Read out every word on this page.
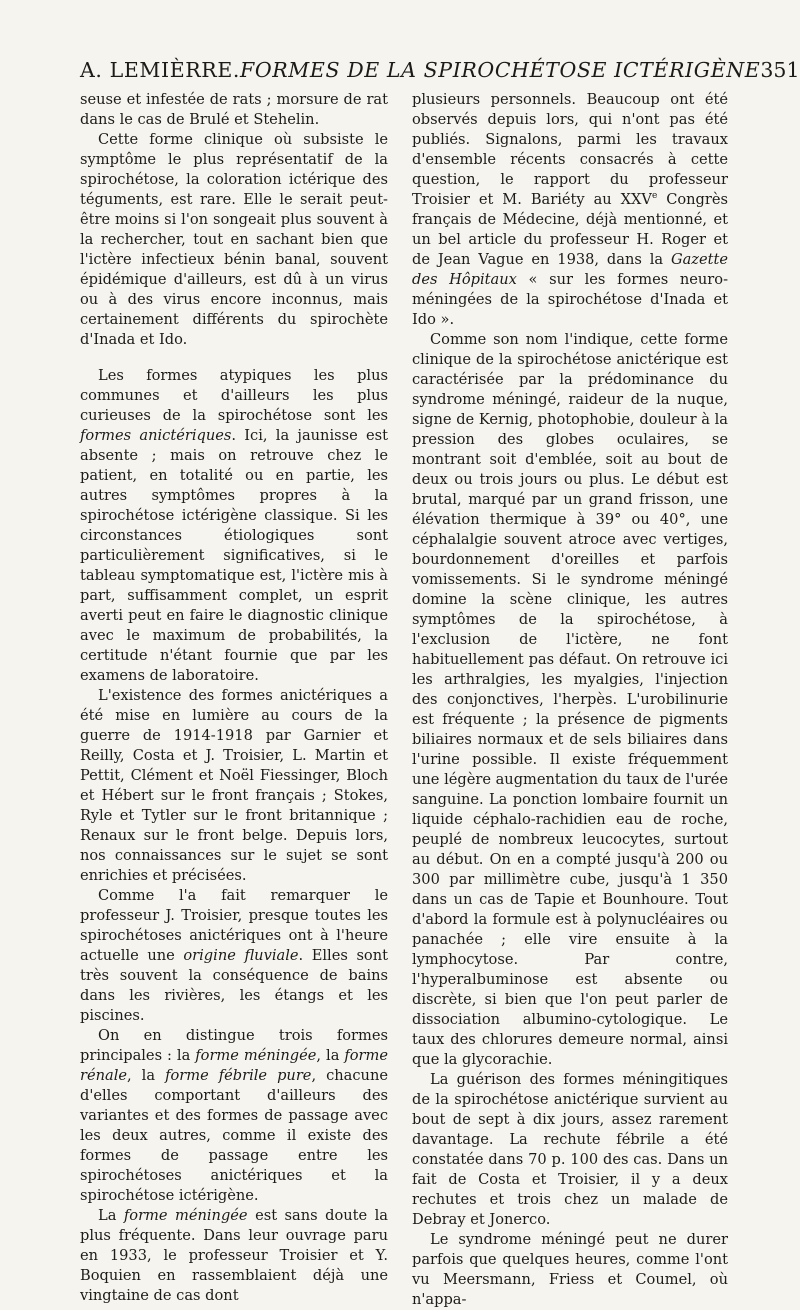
A. LEMIÈRRE. FORMES DE LA SPIROCHÉTOSE ICTÉRIGÈNE 351

seuse et infestée de rats ; morsure de rat dans le cas de Brulé et Stehelin.

Cette forme clinique où subsiste le symptôme le plus représentatif de la spirochétose, la coloration ictérique des téguments, est rare. Elle le serait peut-être moins si l'on songeait plus souvent à la rechercher, tout en sachant bien que l'ictère infectieux bénin banal, souvent épidémique d'ailleurs, est dû à un virus ou à des virus encore inconnus, mais certainement différents du spirochète d'Inada et Ido.

Les formes atypiques les plus communes et d'ailleurs les plus curieuses de la spirochétose sont les formes anictériques. Ici, la jaunisse est absente ; mais on retrouve chez le patient, en totalité ou en partie, les autres symptômes propres à la spirochétose ictérigène classique. Si les circonstances étiologiques sont particulièrement significatives, si le tableau symptomatique est, l'ictère mis à part, suffisamment complet, un esprit averti peut en faire le diagnostic clinique avec le maximum de probabilités, la certitude n'étant fournie que par les examens de laboratoire.

L'existence des formes anictériques a été mise en lumière au cours de la guerre de 1914-1918 par Garnier et Reilly, Costa et J. Troisier, L. Martin et Pettit, Clément et Noël Fiessinger, Bloch et Hébert sur le front français ; Stokes, Ryle et Tytler sur le front britannique ; Renaux sur le front belge. Depuis lors, nos connaissances sur le sujet se sont enrichies et précisées.

Comme l'a fait remarquer le professeur J. Troisier, presque toutes les spirochétoses anictériques ont à l'heure actuelle une origine fluviale. Elles sont très souvent la conséquence de bains dans les rivières, les étangs et les piscines.

On en distingue trois formes principales : la forme méningée, la forme rénale, la forme fébrile pure, chacune d'elles comportant d'ailleurs des variantes et des formes de passage avec les deux autres, comme il existe des formes de passage entre les spirochétoses anictériques et la spirochétose ictérigène.

La forme méningée est sans doute la plus fréquente. Dans leur ouvrage paru en 1933, le professeur Troisier et Y. Boquien en rassemblaient déjà une vingtaine de cas dont

plusieurs personnels. Beaucoup ont été observés depuis lors, qui n'ont pas été publiés. Signalons, parmi les travaux d'ensemble récents consacrés à cette question, le rapport du professeur Troisier et M. Bariéty au XXVe Congrès français de Médecine, déjà mentionné, et un bel article du professeur H. Roger et de Jean Vague en 1938, dans la Gazette des Hôpitaux « sur les formes neuro-méningées de la spirochétose d'Inada et Ido ».

Comme son nom l'indique, cette forme clinique de la spirochétose anictérique est caractérisée par la prédominance du syndrome méningé, raideur de la nuque, signe de Kernig, photophobie, douleur à la pression des globes oculaires, se montrant soit d'emblée, soit au bout de deux ou trois jours ou plus. Le début est brutal, marqué par un grand frisson, une élévation thermique à 39° ou 40°, une céphalalgie souvent atroce avec vertiges, bourdonnement d'oreilles et parfois vomissements. Si le syndrome méningé domine la scène clinique, les autres symptômes de la spirochétose, à l'exclusion de l'ictère, ne font habituellement pas défaut. On retrouve ici les arthralgies, les myalgies, l'injection des conjonctives, l'herpès. L'urobilinurie est fréquente ; la présence de pigments biliaires normaux et de sels biliaires dans l'urine possible. Il existe fréquemment une légère augmentation du taux de l'urée sanguine. La ponction lombaire fournit un liquide céphalo-rachidien eau de roche, peuplé de nombreux leucocytes, surtout au début. On en a compté jusqu'à 200 ou 300 par millimètre cube, jusqu'à 1 350 dans un cas de Tapie et Bounhoure. Tout d'abord la formule est à polynucléaires ou panachée ; elle vire ensuite à la lymphocytose. Par contre, l'hyperalbuminose est absente ou discrète, si bien que l'on peut parler de dissociation albumino-cytologique. Le taux des chlorures demeure normal, ainsi que la glycorachie.

La guérison des formes méningitiques de la spirochétose anictérique survient au bout de sept à dix jours, assez rarement davantage. La rechute fébrile a été constatée dans 70 p. 100 des cas. Dans un fait de Costa et Troisier, il y a deux rechutes et trois chez un malade de Debray et Jonerco.

Le syndrome méningé peut ne durer parfois que quelques heures, comme l'ont vu Meersmann, Friess et Coumel, où n'appa-
